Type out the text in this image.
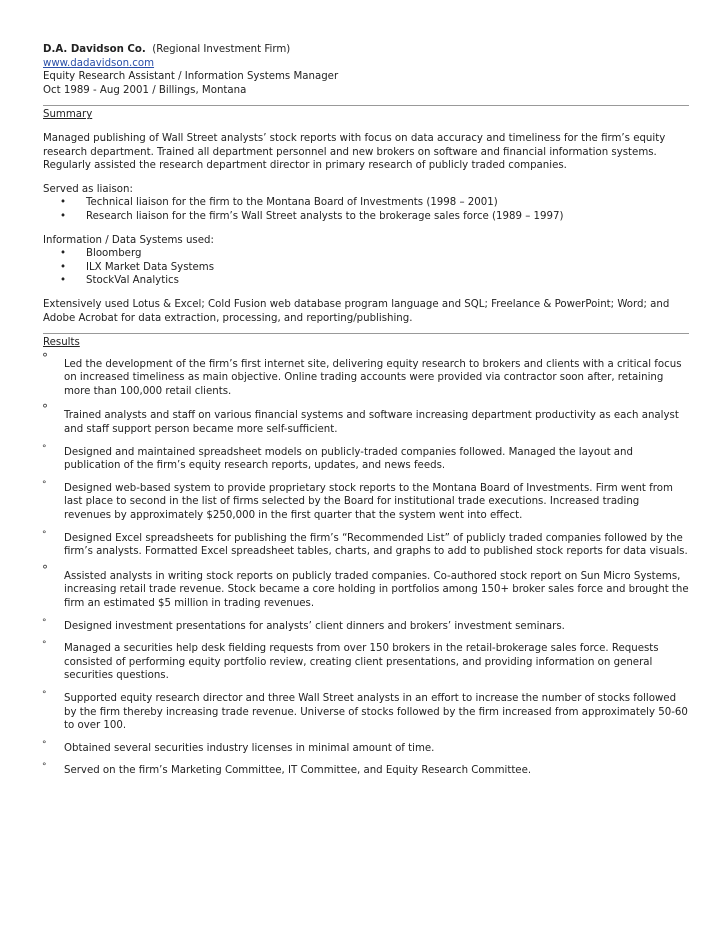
D.A. Davidson Co. (Regional Investment Firm)
www.dadavidson.com
Equity Research Assistant / Information Systems Manager
Oct 1989 - Aug 2001 / Billings, Montana
Summary
Managed publishing of Wall Street analysts’ stock reports with focus on data accuracy and timeliness for the firm’s equity research department. Trained all department personnel and new brokers on software and financial information systems. Regularly assisted the research department director in primary research of publicly traded companies.
Served as liaison:
• Technical liaison for the firm to the Montana Board of Investments (1998 – 2001)
• Research liaison for the firm’s Wall Street analysts to the brokerage sales force (1989 – 1997)
Information / Data Systems used:
• Bloomberg
• ILX Market Data Systems
• StockVal Analytics
Extensively used Lotus & Excel; Cold Fusion web database program language and SQL; Freelance & PowerPoint; Word; and Adobe Acrobat for data extraction, processing, and reporting/publishing.
Results
° Led the development of the firm’s first internet site, delivering equity research to brokers and clients with a critical focus on increased timeliness as main objective. Online trading accounts were provided via contractor soon after, retaining more than 100,000 retail clients.
° Trained analysts and staff on various financial systems and software increasing department productivity as each analyst and staff support person became more self-sufficient.
° Designed and maintained spreadsheet models on publicly-traded companies followed. Managed the layout and publication of the firm’s equity research reports, updates, and news feeds.
° Designed web-based system to provide proprietary stock reports to the Montana Board of Investments. Firm went from last place to second in the list of firms selected by the Board for institutional trade executions. Increased trading revenues by approximately $250,000 in the first quarter that the system went into effect.
° Designed Excel spreadsheets for publishing the firm’s “Recommended List” of publicly traded companies followed by the firm’s analysts. Formatted Excel spreadsheet tables, charts, and graphs to add to published stock reports for data visuals.
° Assisted analysts in writing stock reports on publicly traded companies. Co-authored stock report on Sun Micro Systems, increasing retail trade revenue. Stock became a core holding in portfolios among 150+ broker sales force and brought the firm an estimated $5 million in trading revenues.
° Designed investment presentations for analysts’ client dinners and brokers’ investment seminars.
° Managed a securities help desk fielding requests from over 150 brokers in the retail-brokerage sales force. Requests consisted of performing equity portfolio review, creating client presentations, and providing information on general securities questions.
° Supported equity research director and three Wall Street analysts in an effort to increase the number of stocks followed by the firm thereby increasing trade revenue. Universe of stocks followed by the firm increased from approximately 50-60 to over 100.
° Obtained several securities industry licenses in minimal amount of time.
° Served on the firm’s Marketing Committee, IT Committee, and Equity Research Committee.
